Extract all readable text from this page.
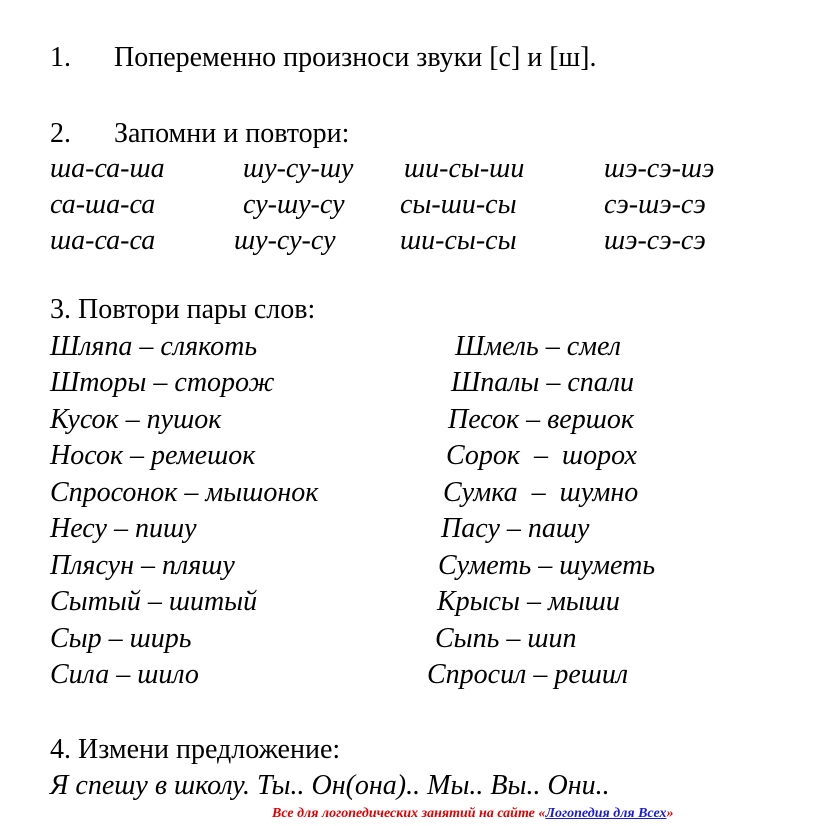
1. Попеременно произноси звуки [с] и [ш].
2. Запомни и повтори:
ша-са-ша	шу-су-шу ши-сы-ши	шэ-сэ-шэ
са-ша-са	су-шу-су сы-ши-сы	сэ-шэ-сэ
ша-са-са	шу-су-су ши-сы-сы	шэ-сэ-сэ
3. Повтори пары слов:
Шляпа – слякоть	Шмель – смел
Шторы – сторож	Шпалы – спали
Кусок – пушок	Песок – вершок
Носок – ремешок	Сорок  –  шорох
Спросонок – мышонок	Сумка  –  шумно
Несу – пишу	Пасу – пашу
Плясун – пляшу	Суметь – шуметь
Сытый – шитый	Крысы – мыши
Сыр – ширь	Сыпь – шип
Сила – шило	Спросил – решил
4. Измени предложение:
Я спешу в школу. Ты.. Он(она).. Мы.. Вы.. Они..
Все для логопедических занятий на сайте «Логопедия для Всех»
